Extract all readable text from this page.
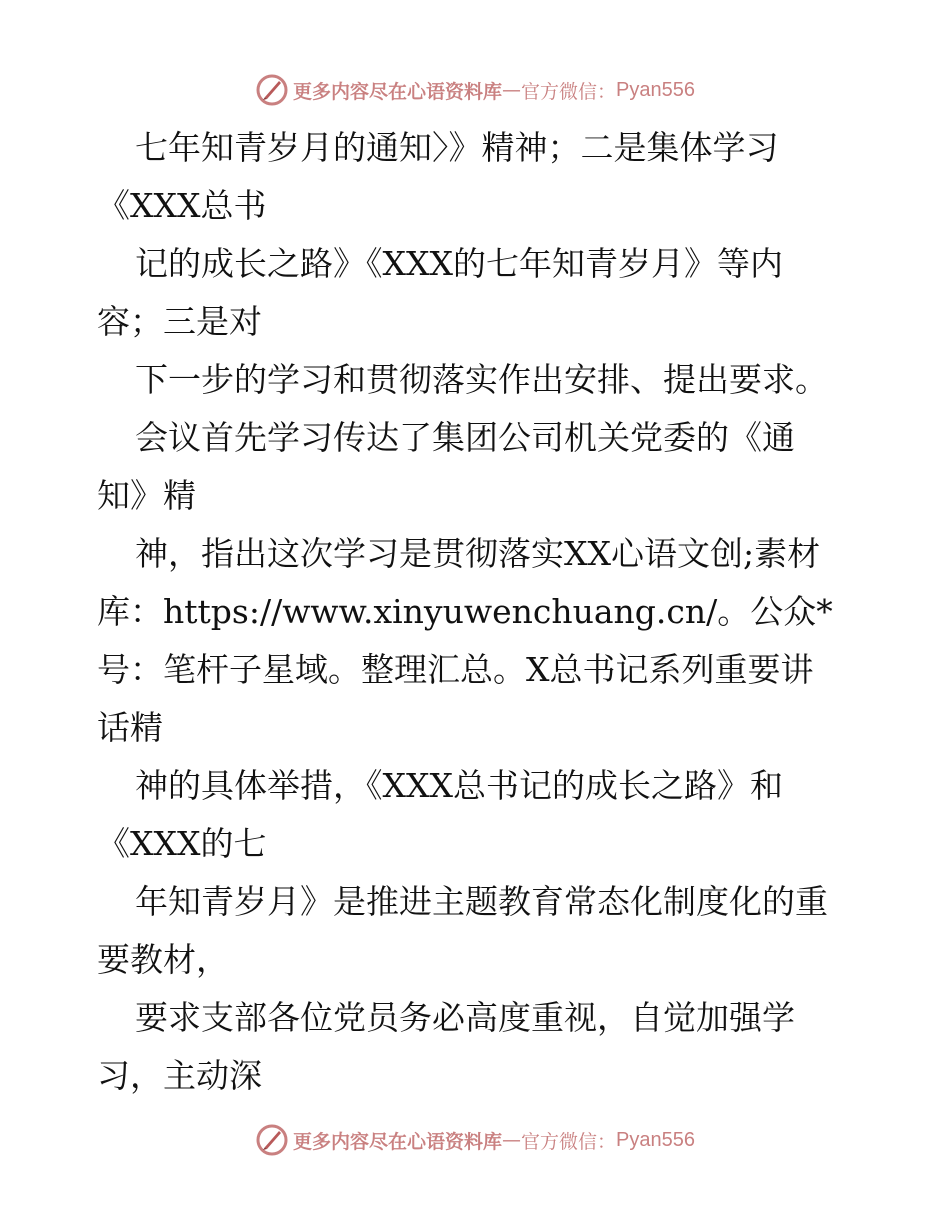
更多内容尽在心语资料库 — 官方微信： Pyan556
七年知青岁月的通知〉》精神；二是集体学习
《XXX总书
记的成长之路》《XXX的七年知青岁月》等内
容；三是对
下一步的学习和贯彻落实作出安排、提出要求。
会议首先学习传达了集团公司机关党委的《通
知》精
神，指出这次学习是贯彻落实XX心语文创;素材
库：https://www.xinyuwenchuang.cn/。公众*
号：笔杆子星域。整理汇总。X总书记系列重要讲
话精
神的具体举措，《XXX总书记的成长之路》和
《XXX的七
年知青岁月》是推进主题教育常态化制度化的重
要教材，
要求支部各位党员务必高度重视，自觉加强学
习，主动深
更多内容尽在心语资料库 — 官方微信： Pyan556
